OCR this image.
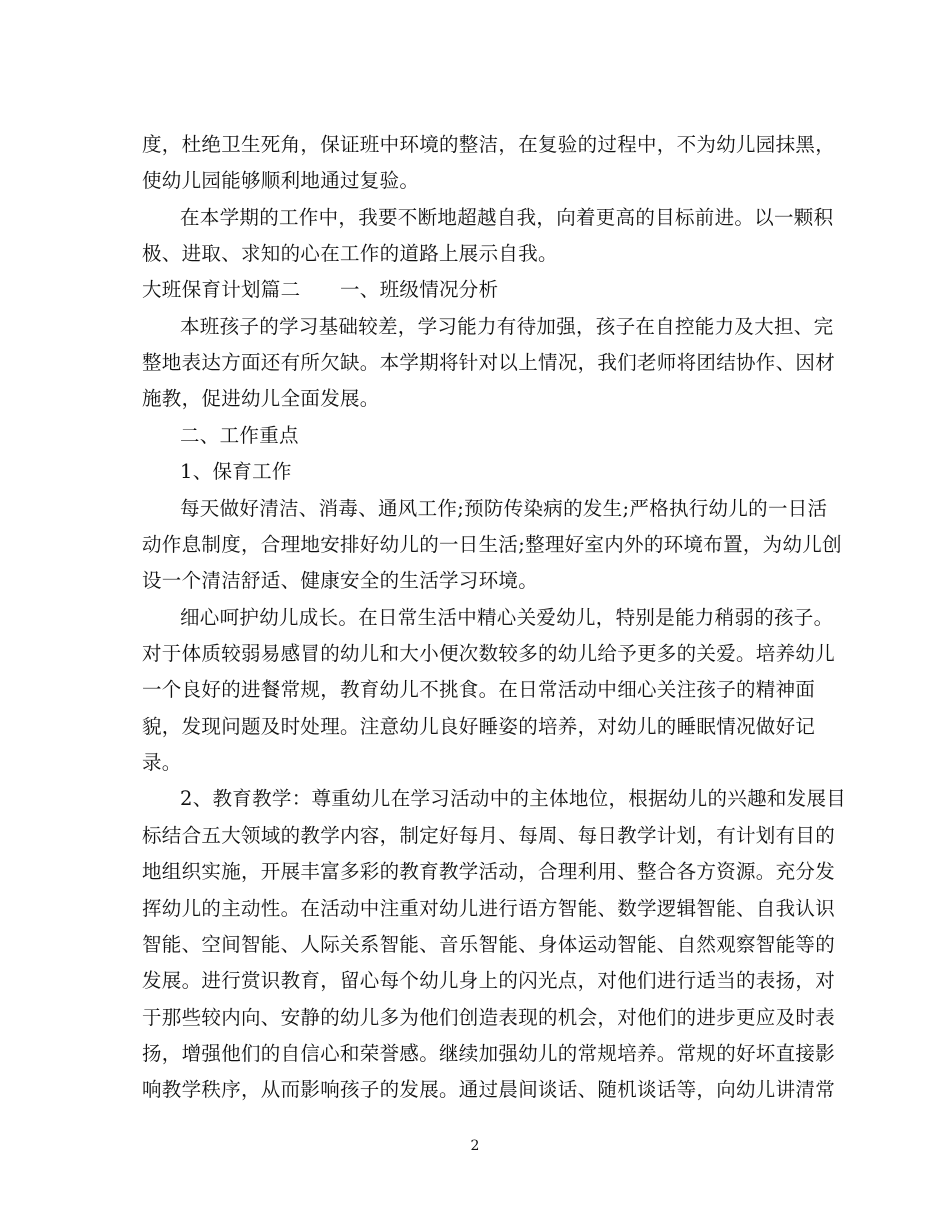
度，杜绝卫生死角，保证班中环境的整洁，在复验的过程中，不为幼儿园抹黑，
使幼儿园能够顺利地通过复验。
在本学期的工作中，我要不断地超越自我，向着更高的目标前进。以一颗积
极、进取、求知的心在工作的道路上展示自我。
大班保育计划篇二　　一、班级情况分析
本班孩子的学习基础较差，学习能力有待加强，孩子在自控能力及大担、完
整地表达方面还有所欠缺。本学期将针对以上情况，我们老师将团结协作、因材
施教，促进幼儿全面发展。
二、工作重点
1、保育工作
每天做好清洁、消毒、通风工作;预防传染病的发生;严格执行幼儿的一日活
动作息制度，合理地安排好幼儿的一日生活;整理好室内外的环境布置，为幼儿创
设一个清洁舒适、健康安全的生活学习环境。
细心呵护幼儿成长。在日常生活中精心关爱幼儿，特别是能力稍弱的孩子。
对于体质较弱易感冒的幼儿和大小便次数较多的幼儿给予更多的关爱。培养幼儿
一个良好的进餐常规，教育幼儿不挑食。在日常活动中细心关注孩子的精神面
貌，发现问题及时处理。注意幼儿良好睡姿的培养，对幼儿的睡眠情况做好记
录。
2、教育教学：尊重幼儿在学习活动中的主体地位，根据幼儿的兴趣和发展目
标结合五大领域的教学内容，制定好每月、每周、每日教学计划，有计划有目的
地组织实施，开展丰富多彩的教育教学活动，合理利用、整合各方资源。充分发
挥幼儿的主动性。在活动中注重对幼儿进行语方智能、数学逻辑智能、自我认识
智能、空间智能、人际关系智能、音乐智能、身体运动智能、自然观察智能等的
发展。进行赏识教育，留心每个幼儿身上的闪光点，对他们进行适当的表扬，对
于那些较内向、安静的幼儿多为他们创造表现的机会，对他们的进步更应及时表
扬，增强他们的自信心和荣誉感。继续加强幼儿的常规培养。常规的好坏直接影
响教学秩序，从而影响孩子的发展。通过晨间谈话、随机谈话等，向幼儿讲清常
2
